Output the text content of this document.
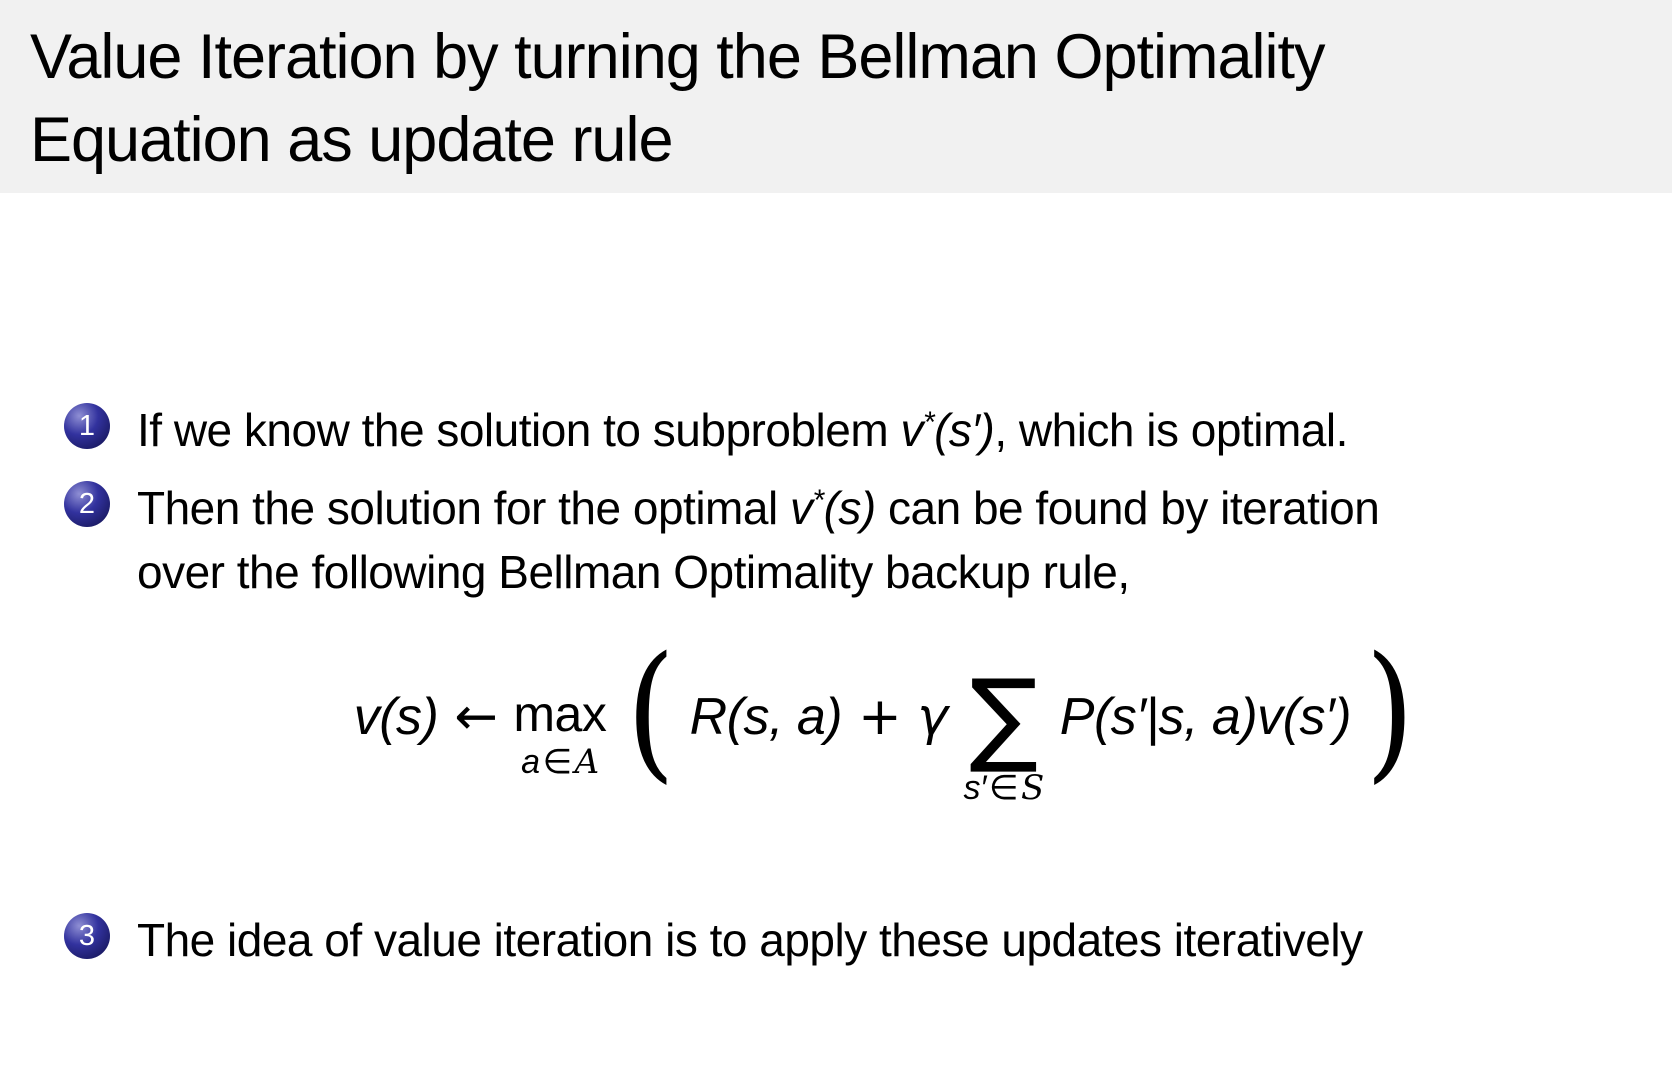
Value Iteration by turning the Bellman Optimality
Equation as update rule
1 If we know the solution to subproblem v*(s′), which is optimal.
2 Then the solution for the optimal v*(s) can be found by iteration
over the following Bellman Optimality backup rule,
v(s) ← max
a∈A ( R(s, a) + γ ∑
s′∈S
P(s′|s, a)v(s′) )
3 The idea of value iteration is to apply these updates iteratively
